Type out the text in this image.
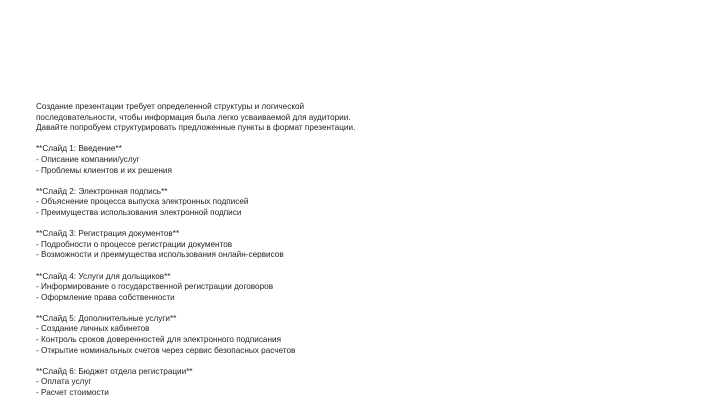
Создание презентации требует определенной структуры и логической
последовательности, чтобы информация была легко усваиваемой для аудитории.
Давайте попробуем структурировать предложенные пункты в формат презентации.
**Слайд 1: Введение**
- Описание компании/услуг
- Проблемы клиентов и их решения
**Слайд 2: Электронная подпись**
- Объяснение процесса выпуска электронных подписей
- Преимущества использования электронной подписи
**Слайд 3: Регистрация документов**
- Подробности о процессе регистрации документов
- Возможности и преимущества использования онлайн-сервисов
**Слайд 4: Услуги для дольщиков**
- Информирование о государственной регистрации договоров
- Оформление права собственности
**Слайд 5: Дополнительные услуги**
- Создание личных кабинетов
- Контроль сроков доверенностей для электронного подписания
- Открытие номинальных счетов через сервис безопасных расчетов
**Слайд 6: Бюджет отдела регистрации**
- Оплата услуг
- Расчет стоимости
